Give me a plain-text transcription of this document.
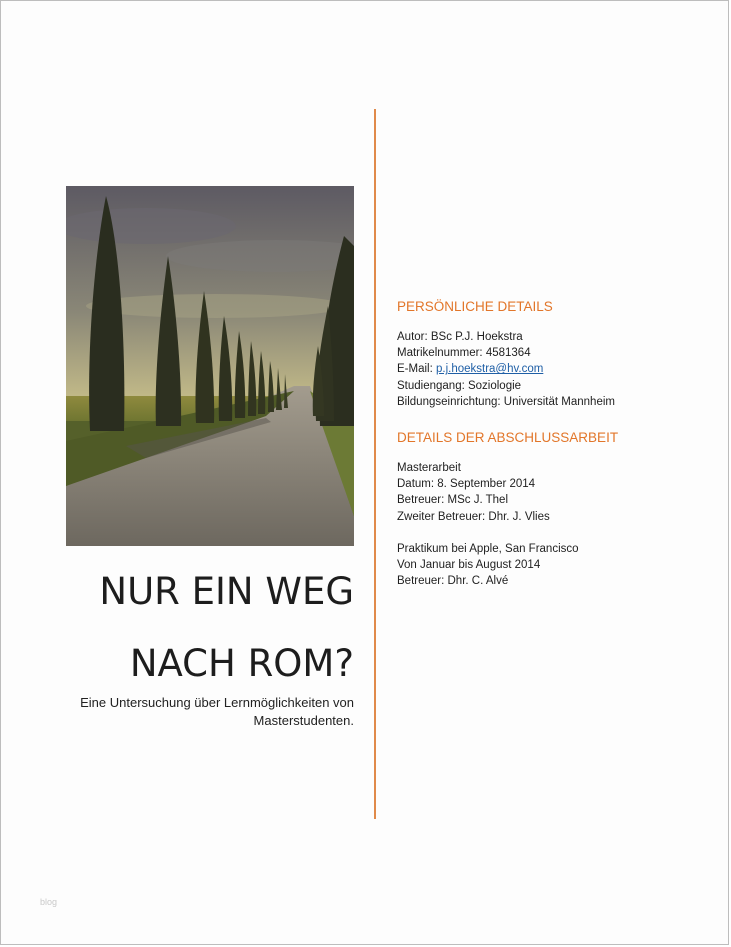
NUR EIN WEG
NACH ROM?
Eine Untersuchung über Lernmöglichkeiten von
Masterstudenten.
PERSÖNLICHE DETAILS
Autor: BSc P.J. Hoekstra
Matrikelnummer: 4581364
E-Mail: p.j.hoekstra@hv.com
Studiengang: Soziologie
Bildungseinrichtung: Universität Mannheim
DETAILS DER ABSCHLUSSARBEIT
Masterarbeit
Datum: 8. September 2014
Betreuer: MSc J. Thel
Zweiter Betreuer: Dhr. J. Vlies
Praktikum bei Apple, San Francisco
Von Januar bis August 2014
Betreuer: Dhr. C. Alvé
blog
